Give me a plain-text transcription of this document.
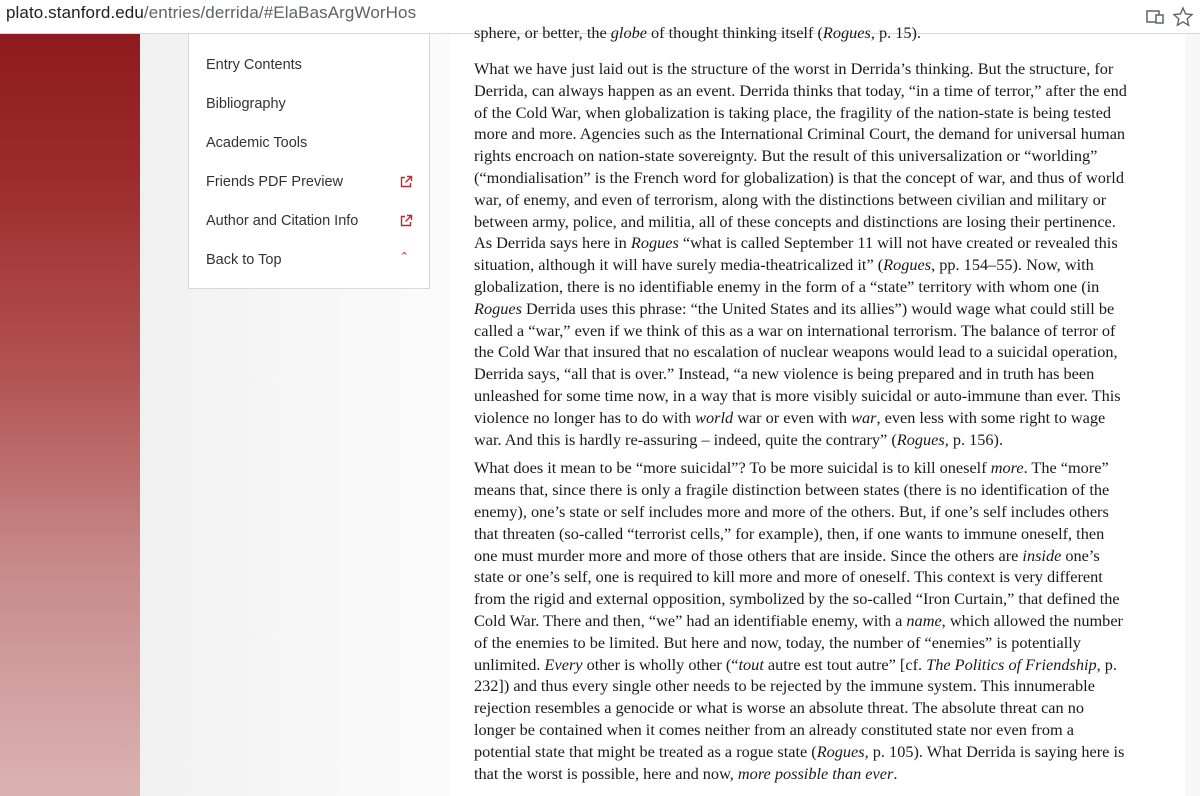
plato.stanford.edu/entries/derrida/#ElaBasArgWorHos
Entry Contents
Bibliography
Academic Tools
Friends PDF Preview
Author and Citation Info
Back to Top	⌃
sphere, or better, the globe of thought thinking itself (Rogues, p. 15).

What we have just laid out is the structure of the worst in Derrida’s thinking. But the structure, for
Derrida, can always happen as an event. Derrida thinks that today, “in a time of terror,” after the end
of the Cold War, when globalization is taking place, the fragility of the nation-state is being tested
more and more. Agencies such as the International Criminal Court, the demand for universal human
rights encroach on nation-state sovereignty. But the result of this universalization or “worlding”
(“mondialisation” is the French word for globalization) is that the concept of war, and thus of world
war, of enemy, and even of terrorism, along with the distinctions between civilian and military or
between army, police, and militia, all of these concepts and distinctions are losing their pertinence.
As Derrida says here in Rogues “what is called September 11 will not have created or revealed this
situation, although it will have surely media-theatricalized it” (Rogues, pp. 154–55). Now, with
globalization, there is no identifiable enemy in the form of a “state” territory with whom one (in
Rogues Derrida uses this phrase: “the United States and its allies”) would wage what could still be
called a “war,” even if we think of this as a war on international terrorism. The balance of terror of
the Cold War that insured that no escalation of nuclear weapons would lead to a suicidal operation,
Derrida says, “all that is over.” Instead, “a new violence is being prepared and in truth has been
unleashed for some time now, in a way that is more visibly suicidal or auto-immune than ever. This
violence no longer has to do with world war or even with war, even less with some right to wage
war. And this is hardly re-assuring – indeed, quite the contrary” (Rogues, p. 156).

What does it mean to be “more suicidal”? To be more suicidal is to kill oneself more. The “more”
means that, since there is only a fragile distinction between states (there is no identification of the
enemy), one’s state or self includes more and more of the others. But, if one’s self includes others
that threaten (so-called “terrorist cells,” for example), then, if one wants to immune oneself, then
one must murder more and more of those others that are inside. Since the others are inside one’s
state or one’s self, one is required to kill more and more of oneself. This context is very different
from the rigid and external opposition, symbolized by the so-called “Iron Curtain,” that defined the
Cold War. There and then, “we” had an identifiable enemy, with a name, which allowed the number
of the enemies to be limited. But here and now, today, the number of “enemies” is potentially
unlimited. Every other is wholly other (“tout autre est tout autre” [cf. The Politics of Friendship, p.
232]) and thus every single other needs to be rejected by the immune system. This innumerable
rejection resembles a genocide or what is worse an absolute threat. The absolute threat can no
longer be contained when it comes neither from an already constituted state nor even from a
potential state that might be treated as a rogue state (Rogues, p. 105). What Derrida is saying here is
that the worst is possible, here and now, more possible than ever.
